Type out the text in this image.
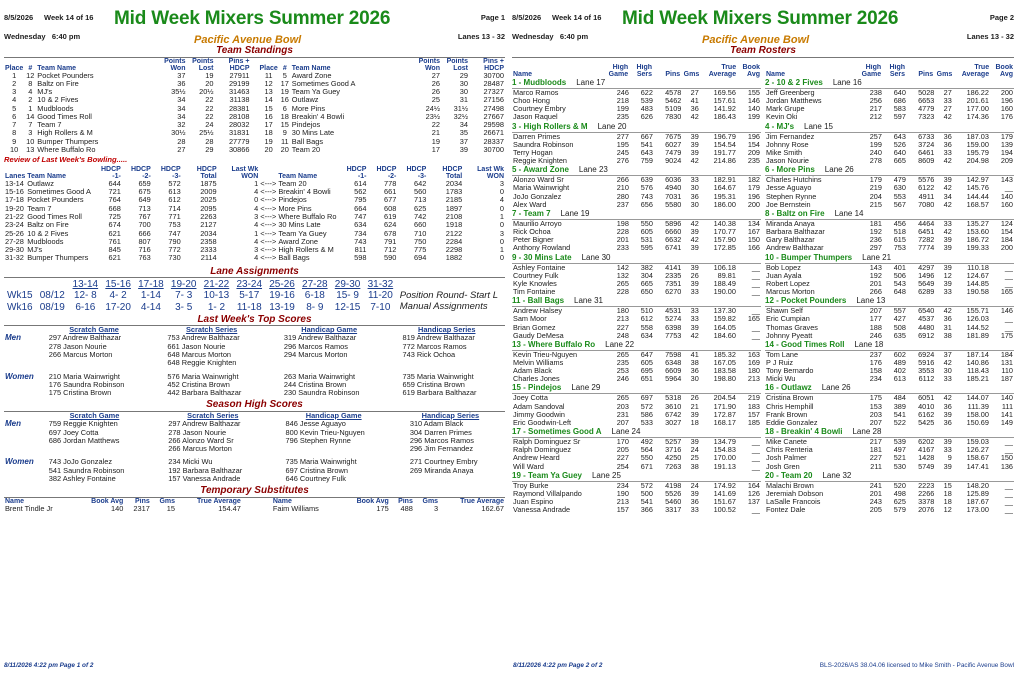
8/5/2026 Week 14 of 16 Mid Week Mixers Summer 2026	Page 1
Wednesday 6:40 pm	Pacific Avenue Bowl	Lanes 13 - 32
Team Standings
Place	#	Team Name	Points Won	Points Lost	Pins + HDCP
1	12	Pocket Pounders	37	19	27911
2	8	Baltz on Fire	36	20	29199
3	4	MJ's	35½	20½	31463
4	2	10 & 2 Fives	34	22	31138
5	1	Mudbloods	34	22	28381
6	14	Good Times Roll	34	22	28108
7	7	Team 7	32	24	28032
8	3	High Rollers & M	30½	25½	31831
9	10	Bumper Thumpers	28	28	27779
10	13	Where Buffalo Ro	27	29	30866
Place	#	Team Name	Points Won	Points Lost	Pins + HDCP
11	5	Award Zone	27	29	30700
12	17	Sometimes Good A	26	30	28487
13	19	Team Ya Guey	26	30	27327
14	16	Outlawz	25	31	27156
15	6	More Pins	24½	31½	27498
16	18	Breakin' 4 Bowli	23½	32½	27667
17	15	Pindejos	22	34	29598
18	9	30 Mins Late	21	35	26671
19	11	Ball Bags	19	37	28337
20	20	Team 20	17	39	30700
Review of Last Week's Bowling.....
Lanes	Team Name	HDCP -1-	HDCP -2-	HDCP -3-	HDCP Total	Last Wk WON		Team Name	HDCP -1-	HDCP -2-	HDCP -3-	HDCP Total	Last Wk WON
13-14	Outlawz	644	659	572	1875	1	<--->	Team 20	614	778	642	2034	3
15-16	Sometimes Good A	721	675	613	2009	4	<--->	Breakin' 4 Bowli	562	661	560	1783	0
17-18	Pocket Pounders	764	649	612	2025	0	<--->	Pindejos	795	677	713	2185	4
19-20	Team 7	668	713	714	2095	4	<--->	More Pins	664	608	625	1897	0
21-22	Good Times Roll	725	767	771	2263	3	<--->	Where Buffalo Ro	747	619	742	2108	1
23-24	Baltz on Fire	674	700	753	2127	4	<--->	30 Mins Late	634	624	660	1918	0
25-26	10 & 2 Fives	621	666	747	2034	1	<--->	Team Ya Guey	734	678	710	2122	3
27-28	Mudbloods	761	807	790	2358	4	<--->	Award Zone	743	791	750	2284	0
29-30	MJ's	845	716	772	2333	3	<--->	High Rollers & M	811	712	775	2298	1
31-32	Bumper Thumpers	621	763	730	2114	4	<--->	Ball Bags	598	590	694	1882	0
Lane Assignments
		13-14	15-16	17-18	19-20	21-22	23-24	25-26	27-28	29-30	31-32	
Wk15	08/12	12- 8	4- 2	1-14	7- 3	10-13	5-17	19-16	6-18	15- 9	11-20	Position Round- Start L
Wk16	08/19	6-16	17-20	4-14	3- 5	1- 2	11-18	13-19	8- 9	12-15	7-10	Manual Assignments
Last Week's Top Scores
	Scratch Game	Scratch Series	Handicap Game	Handicap Series
Men	297 Andrew Balthazar	753 Andrew Balthazar	319 Andrew Balthazar	819 Andrew Balthazar
	278 Jason Nourie	661 Jason Nourie	296 Marcos Ramos	772 Marcos Ramos
	266 Marcus Morton	648 Marcus Morton	294 Marcus Morton	743 Rick Ochoa
		648 Reggie Knighten		

Women	210 Maria Wainwright	576 Maria Wainwright	263 Maria Wainwright	735 Maria Wainwright
	176 Saundra Robinson	452 Cristina Brown	244 Cristina Brown	659 Cristina Brown
	175 Cristina Brown	442 Barbara Balthazar	230 Saundra Robinson	619 Barbara Balthazar
Season High Scores
	Scratch Game	Scratch Series	Handicap Game	Handicap Series
Men	759 Reggie Knighten	297 Andrew Balthazar	846 Jesse Aguayo	310 Adam Black
	697 Joey Cotta	278 Jason Nourie	800 Kevin Trieu-Nguyen	304 Darren Primes
	686 Jordan Matthews	266 Alonzo Ward Sr	796 Stephen Rynne	296 Marcos Ramos
		266 Marcus Morton		296 Jim Fernandez

Women	743 JoJo Gonzalez	234 Micki Wu	735 Maria Wainwright	271 Courtney Embry
	541 Saundra Robinson	192 Barbara Balthazar	697 Cristina Brown	269 Miranda Anaya
	382 Ashley Fontaine	157 Vanessa Andrade	646 Courtney Fulk	
Temporary Substitutes
Name	Book Avg	Pins	Gms	True Average		Name	Book Avg	Pins	Gms	True Average
Brent Tindle Jr	140	2317	15	154.47		Faim Williams	175	488	3	162.67
8/11/2026 4:22 pm Page 1 of 2
8/5/2026 Week 14 of 16 Mid Week Mixers Summer 2026	Page 2
Wednesday 6:40 pm	Pacific Avenue Bowl	Lanes 13 - 32
Team Rosters
Name	High Game	High Sers	Pins	Gms	True Average	Book Avg
1 - Mudbloods Lane 17
Marco Ramos	246	622	4578	27	169.56	155
Choo Hong	218	539	5462	41	157.61	146
Courtney Embry	199	483	5109	36	141.92	140
Jason Raquel	235	626	7830	42	186.43	199
3 - High Rollers & M Lane 20
Darren Primes	277	667	7675	39	196.79	196
Saundra Robinson	195	541	6027	39	154.54	154
Terry Hogan	245	643	7479	39	191.77	209
Reggie Knighten	276	759	9024	42	214.86	235
5 - Award Zone Lane 23
Alonzo Ward Sr	266	639	6036	33	182.91	182
Maria Wainwright	210	576	4940	30	164.67	179
JoJo Gonzalez	280	743	7031	36	195.31	196
Alex Ward	237	656	5580	30	186.00	200
7 - Team 7 Lane 19
Maurilio Arroyo	198	550	5896	42	140.38	134
Rick Ochoa	228	605	6660	39	170.77	167
Peter Bigner	201	531	6632	42	157.90	150
Anthony Rowland	233	595	6741	39	172.85	166
9 - 30 Mins Late Lane 30
Ashley Fontaine	142	382	4141	39	106.18	__
Courtney Fulk	132	304	2335	26	89.81	__
Kyle Knowles	265	665	7351	39	188.49	__
Tim Fontaine	228	650	6270	33	190.00	__
11 - Ball Bags Lane 31
Andrew Halsey	180	510	4531	33	137.30	__
Sam Moor	213	612	5274	33	159.82	165
Brian Gomez	227	558	6398	39	164.05	__
Gaudy DeMesa	248	634	7753	42	184.60	__
13 - Where Buffalo Ro Lane 22
Kevin Trieu-Nguyen	265	647	7598	41	185.32	163
Melvin Williams	235	605	6348	38	167.05	169
Adam Black	253	695	6609	36	183.58	180
Charles Jones	246	651	5964	30	198.80	213
15 - Pindejos Lane 29
Joey Cotta	265	697	5318	26	204.54	219
Adam Sandoval	203	572	3610	21	171.90	183
Jimmy Goodwin	231	586	6742	39	172.87	157
Eric Goodwin-Left	207	533	3027	18	168.17	185
17 - Sometimes Good A Lane 24
Ralph Dominguez Sr	170	492	5257	39	134.79	__
Ralph Dominguez	205	564	3716	24	154.83	__
Andrew Heard	227	550	4250	25	170.00	__
Will Ward	254	671	7263	38	191.13	__
19 - Team Ya Guey Lane 25
Troy Burke	234	572	4198	24	174.92	164
Raymond Villalpando	190	500	5526	39	141.69	126
Juan Espino	213	541	5460	36	151.67	137
Vanessa Andrade	157	366	3317	33	100.52	__
Name	High Game	High Sers	Pins	Gms	True Average	Book Avg
2 - 10 & 2 Fives Lane 16
Jeff Greenberg	238	640	5028	27	186.22	200
Jordan Matthews	256	686	6653	33	201.61	196
Mark Grupe	217	583	4779	27	177.00	160
Kevin Oki	212	597	7323	42	174.36	176
4 - MJ's Lane 15
Jim Fernandez	257	643	6733	36	187.03	179
Johnny Rose	199	526	3724	36	159.00	139
Mike Smith	240	640	6461	33	195.79	194
Jason Nourie	278	665	8609	42	204.98	209
6 - More Pins Lane 26
Charles Hutchins	179	479	5576	39	142.97	143
Jesse Aguayo	219	630	6122	42	145.76	__
Stephen Rynne	204	553	4911	34	144.44	140
Joe Bernstein	215	567	7080	42	168.57	160
8 - Baltz on Fire Lane 14
Miranda Anaya	181	456	4464	33	135.27	124
Barbara Balthazar	192	518	6451	42	153.60	154
Gary Balthazar	236	615	7282	39	186.72	184
Andrew Balthazar	297	753	7774	39	199.33	200
10 - Bumper Thumpers Lane 21
Bob Lopez	143	401	4297	39	110.18	__
Juan Ayala	192	506	1496	12	124.67	__
Robert Lopez	201	543	5649	39	144.85	__
Marcus Morton	266	648	6289	33	190.58	165
12 - Pocket Pounders Lane 13
Shawn Self	207	557	6540	42	155.71	146
Eric Cumpian	177	427	4537	36	126.03	__
Thomas Graves	188	508	4480	31	144.52	__
Johnny Pyeatt	246	635	6912	38	181.89	175
14 - Good Times Roll Lane 18
Tom Lane	237	602	6924	37	187.14	184
P J Ruiz	176	489	5916	42	140.86	131
Tony Bernardo	158	402	3553	30	118.43	110
Micki Wu	234	613	6112	33	185.21	187
16 - Outlawz Lane 26
Cristina Brown	175	484	6051	42	144.07	140
Chris Hemphill	153	389	4010	36	111.39	111
Frank Brown	203	541	6162	39	158.00	141
Eddie Gonzalez	207	522	5425	36	150.69	149
18 - Breakin' 4 Bowli Lane 28
Mike Canete	217	539	6202	39	159.03	__
Chris Renteria	181	497	4167	33	126.27	__
Josh Palmer	227	521	1428	9	158.67	150
Josh Gren	211	530	5749	39	147.41	136
20 - Team 20 Lane 32
Malachi Brown	241	520	2223	15	148.20	__
Jeremiah Dobson	201	498	2266	18	125.89	__
LaSalle Francois	243	625	3378	18	187.67	__
Fontez Dale	205	579	2076	12	173.00	__
8/11/2026 4:22 pm Page 2 of 2	BLS-2026/AS 38.04.06 licensed to Mike Smith - Pacific Avenue Bowl
